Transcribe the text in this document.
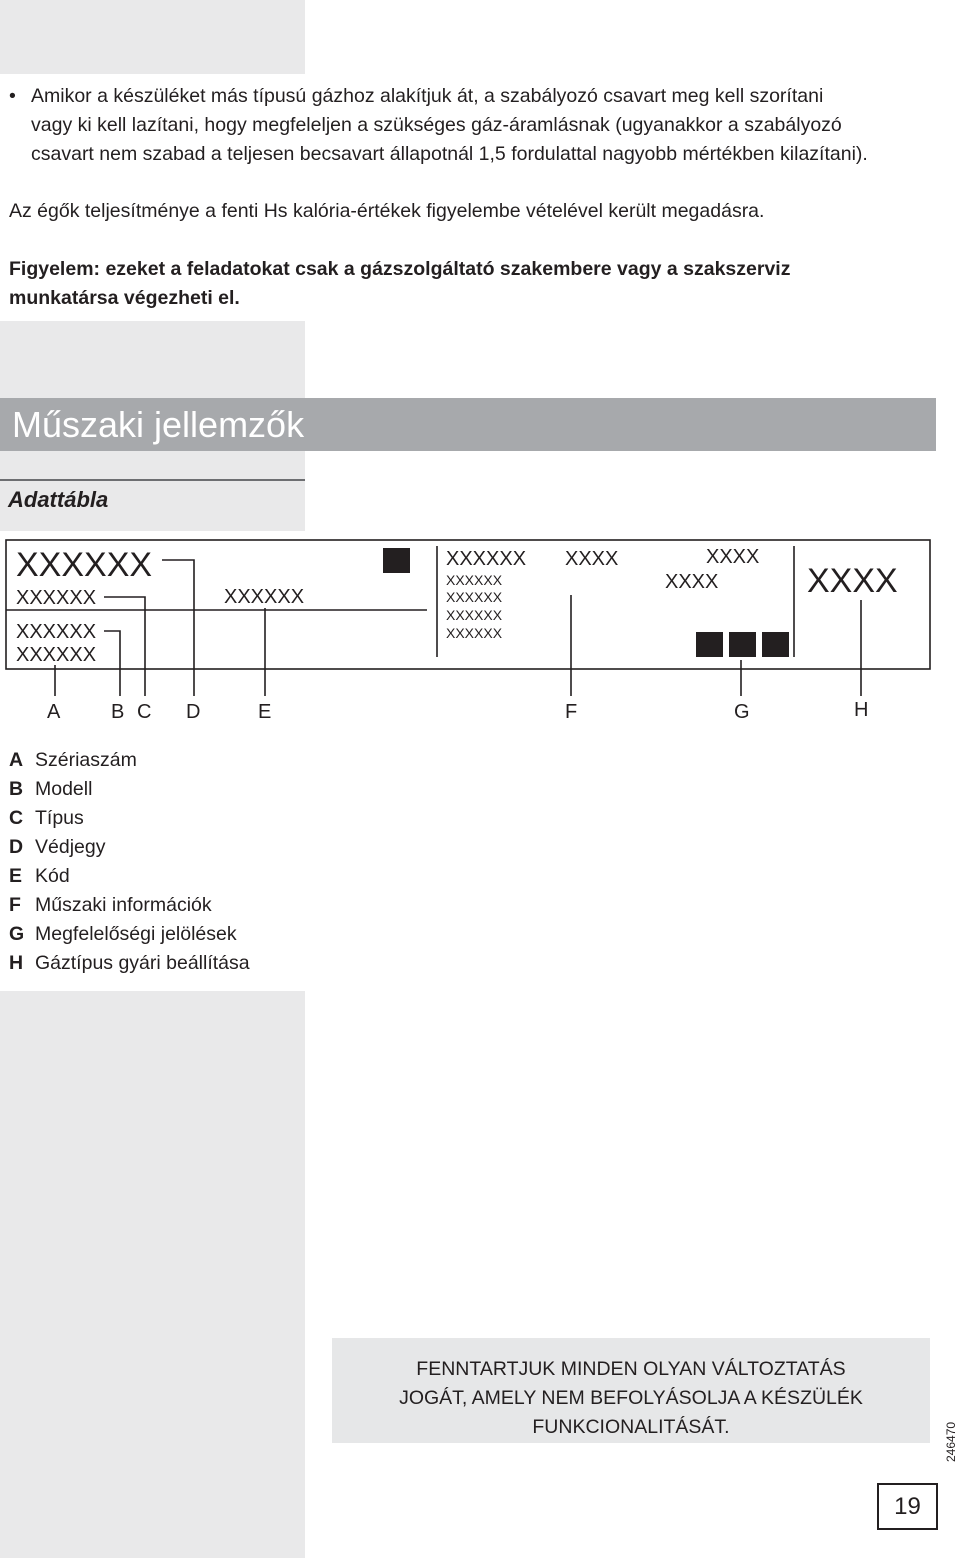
• Amikor a készüléket más típusú gázhoz alakítjuk át, a szabályozó csavart meg kell szorítani

vagy ki kell lazítani, hogy megfeleljen a szükséges gáz-áramlásnak (ugyanakkor a szabályozó

csavart nem szabad a teljesen becsavart állapotnál 1,5 fordulattal nagyobb mértékben kilazítani).

Az égők teljesítménye a fenti Hs kalória-értékek figyelembe vételével került megadásra.

Figyelem: ezeket a feladatokat csak a gázszolgáltató szakembere vagy a szakszerviz

munkatársa végezheti el.

Műszaki jellemzők
Adattábla
XXXXXX
XXXXXX
XXXXXX
XXXXXX
XXXXXX
XXXXXX
XXXXXX
XXXXXX
XXXXXX
XXXXXX
XXXX	XXXX
XXXX	XXXX
A	B C D	E	F	G	H
A Szériaszám
B Modell
C Típus
D Védjegy
E Kód
F Műszaki információk
G Megfelelőségi jelölések
H Gáztípus gyári beállítása
FENNTARTJUK MINDEN OLYAN VÁLTOZTATÁS
JOGÁT, AMELY NEM BEFOLYÁSOLJA A KÉSZÜLÉK
FUNKCIONALITÁSÁT.	246470
19
